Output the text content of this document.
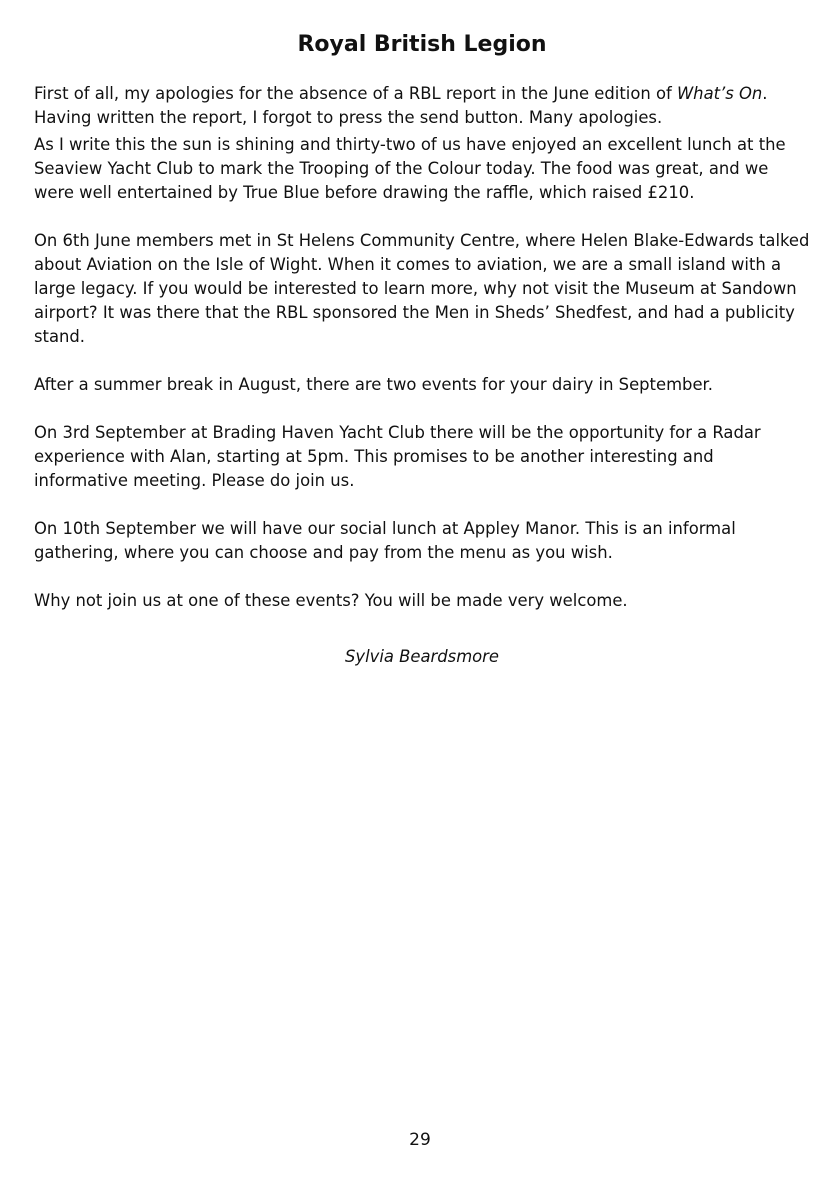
Royal British Legion

First of all, my apologies for the absence of a RBL report in the June edition of What’s On. Having written the report, I forgot to press the send button. Many apologies.

As I write this the sun is shining and thirty-two of us have enjoyed an excellent lunch at the Seaview Yacht Club to mark the Trooping of the Colour today. The food was great, and we were well entertained by True Blue before drawing the raffle, which raised £210.

On 6th June members met in St Helens Community Centre, where Helen Blake-Edwards talked about Aviation on the Isle of Wight. When it comes to aviation, we are a small island with a large legacy. If you would be interested to learn more, why not visit the Museum at Sandown airport? It was there that the RBL sponsored the Men in Sheds’ Shedfest, and had a publicity stand.

After a summer break in August, there are two events for your dairy in September.

On 3rd September at Brading Haven Yacht Club there will be the opportunity for a Radar experience with Alan, starting at 5pm. This promises to be another interesting and informative meeting. Please do join us.

On 10th September we will have our social lunch at Appley Manor. This is an informal gathering, where you can choose and pay from the menu as you wish.

Why not join us at one of these events? You will be made very welcome.

Sylvia Beardsmore

29
